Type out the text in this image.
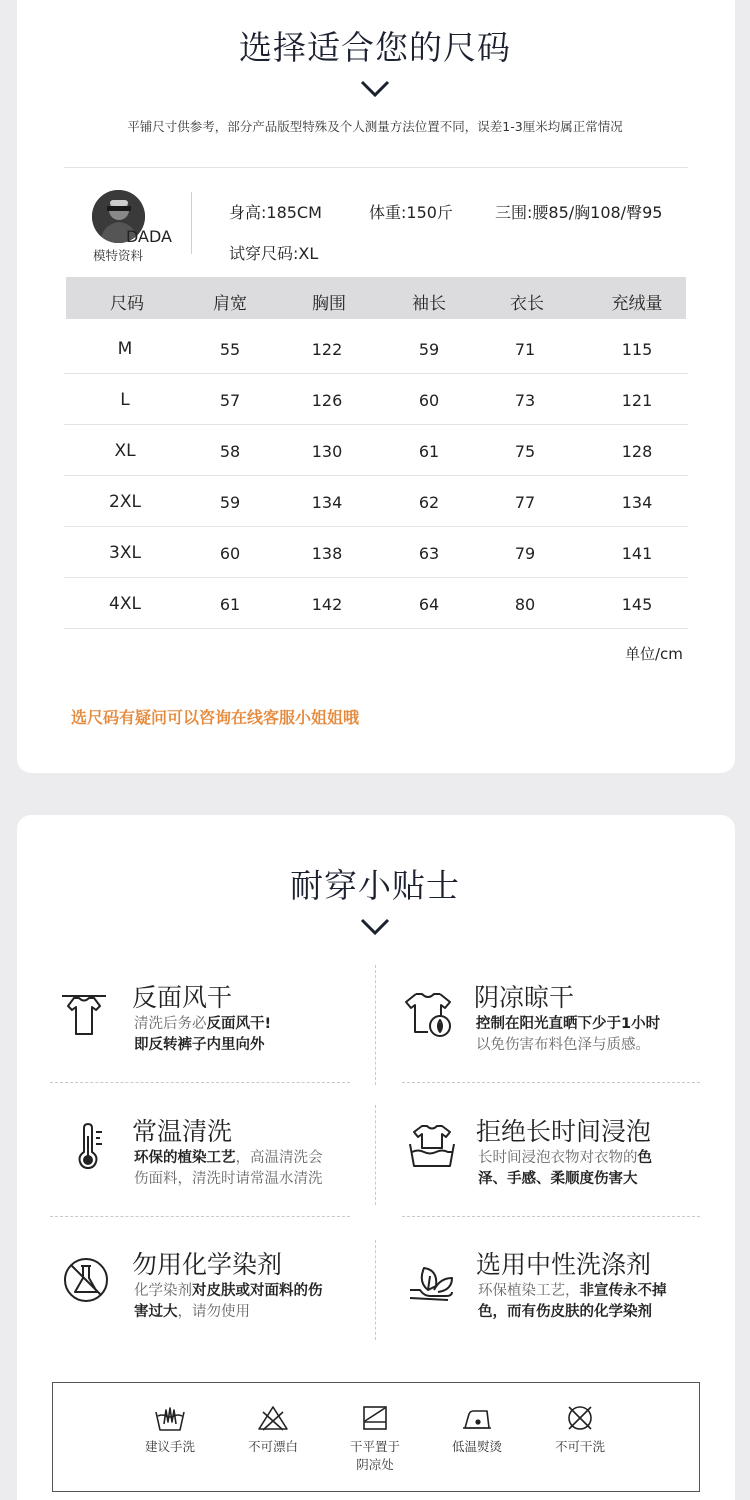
选择适合您的尺码
平铺尺寸供参考，部分产品版型特殊及个人测量方法位置不同，误差1-3厘米均属正常情况
DADA
模特资料
身高:185CM	体重:150斤	三围:腰85/胸108/臀95
试穿尺码:XL
尺码	肩宽	胸围	袖长	衣长	充绒量
M	55	122	59	71	115
L	57	126	60	73	121
XL	58	130	61	75	128
2XL	59	134	62	77	134
3XL	60	138	63	79	141
4XL	61	142	64	80	145
单位/cm
选尺码有疑问可以咨询在线客服小姐姐哦
耐穿小贴士
反面风干
清洗后务必反面风干!
即反转裤子内里向外
阴凉晾干
控制在阳光直晒下少于1小时
以免伤害布料色泽与质感。
常温清洗
环保的植染工艺，高温清洗会
伤面料，清洗时请常温水清洗
拒绝长时间浸泡
长时间浸泡衣物对衣物的色
泽、手感、柔顺度伤害大
勿用化学染剂
化学染剂对皮肤或对面料的伤
害过大，请勿使用
选用中性洗涤剂
环保植染工艺，非宣传永不掉
色，而有伤皮肤的化学染剂
建议手洗	不可漂白	干平置于
阴凉处
低温熨烫	不可干洗
